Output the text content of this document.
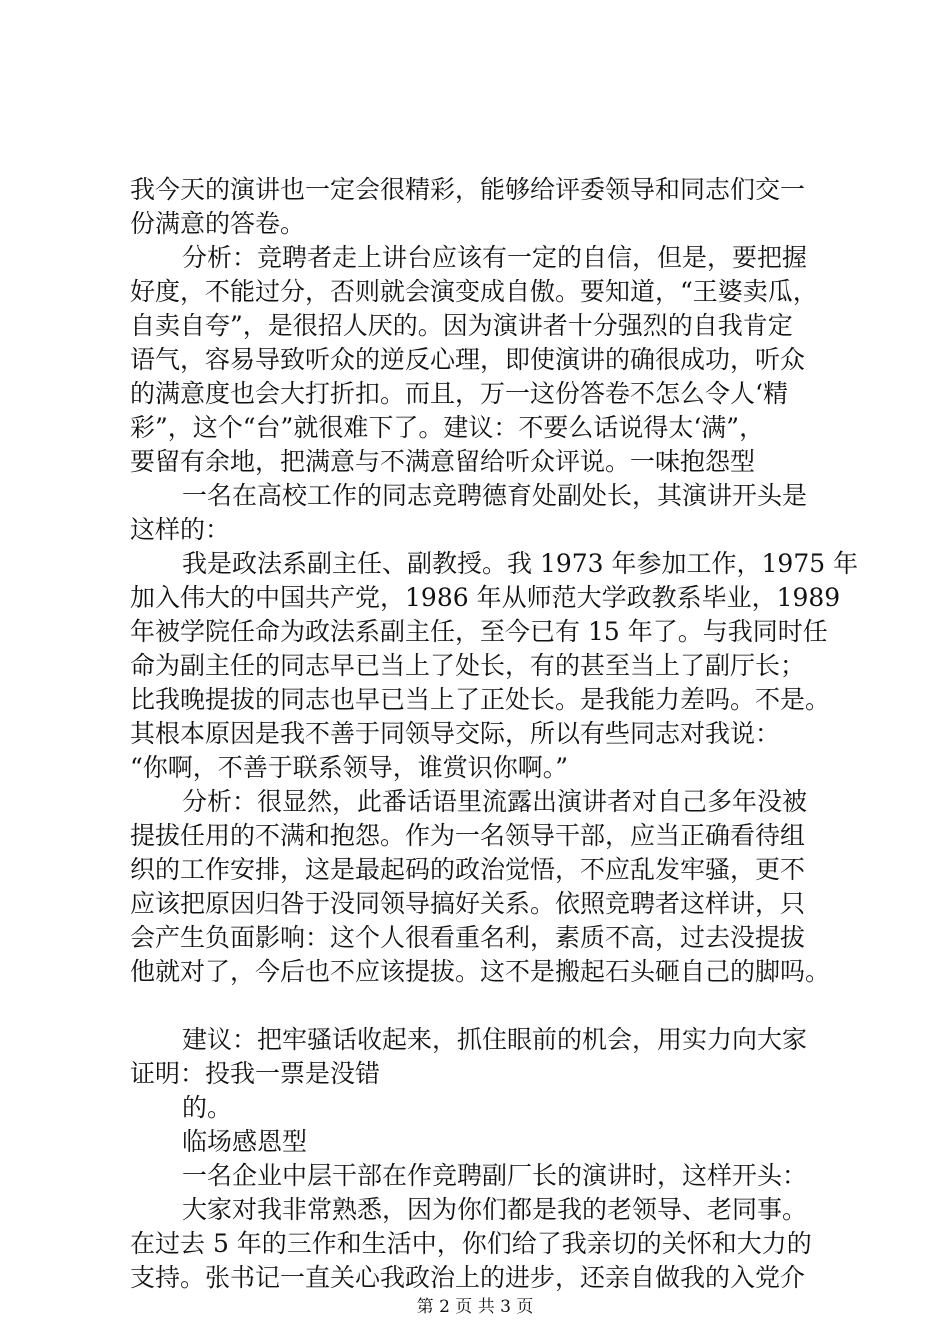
我今天的演讲也一定会很精彩，能够给评委领导和同志们交一
份满意的答卷。
分析：竞聘者走上讲台应该有一定的自信，但是，要把握
好度，不能过分，否则就会演变成自傲。要知道，“王婆卖瓜，
自卖自夸”，是很招人厌的。因为演讲者十分强烈的自我肯定
语气，容易导致听众的逆反心理，即使演讲的确很成功，听众
的满意度也会大打折扣。而且，万一这份答卷不怎么令人‘精
彩”，这个“台”就很难下了。建议：不要么话说得太‘满”，
要留有余地，把满意与不满意留给听众评说。一味抱怨型
一名在高校工作的同志竞聘德育处副处长，其演讲开头是
这样的：
我是政法系副主任、副教授。我 1973 年参加工作，1975 年
加入伟大的中国共产党，1986 年从师范大学政教系毕业，1989
年被学院任命为政法系副主任，至今已有 15 年了。与我同时任
命为副主任的同志早已当上了处长，有的甚至当上了副厅长；
比我晚提拔的同志也早已当上了正处长。是我能力差吗。不是。
其根本原因是我不善于同领导交际，所以有些同志对我说：
“你啊，不善于联系领导，谁赏识你啊。”
分析：很显然，此番话语里流露出演讲者对自己多年没被
提拔任用的不满和抱怨。作为一名领导干部，应当正确看待组
织的工作安排，这是最起码的政治觉悟，不应乱发牢骚，更不
应该把原因归咎于没同领导搞好关系。依照竞聘者这样讲，只
会产生负面影响：这个人很看重名利，素质不高，过去没提拔
他就对了，今后也不应该提拔。这不是搬起石头砸自己的脚吗。
建议：把牢骚话收起来，抓住眼前的机会，用实力向大家
证明：投我一票是没错
的。
临场感恩型
一名企业中层干部在作竞聘副厂长的演讲时，这样开头：
大家对我非常熟悉，因为你们都是我的老领导、老同事。
在过去 5 年的三作和生活中，你们给了我亲切的关怀和大力的
支持。张书记一直关心我政治上的进步，还亲自做我的入党介
第 2 页 共 3 页
